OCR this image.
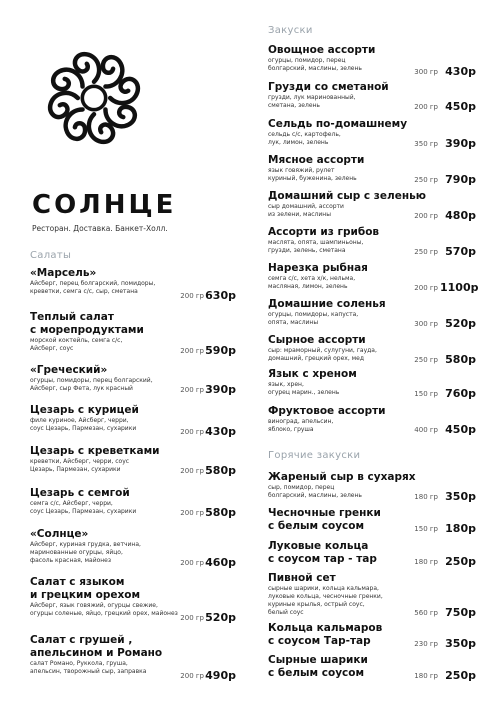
СОЛНЦЕ
Ресторан. Доставка. Банкет-Холл.
Салаты
«Марсель»
Айсберг, перец болгарский, помидоры,
креветки, семга с/с, сыр, сметана
200 гр 630р
Теплый салат
с морепродуктами
морской коктейль, семга с/с,
Айсберг, соус	200 гр 590р
«Греческий»
огурцы, помидоры, перец болгарский,
Айсберг, сыр Фета, лук красный	200 гр 390р
Цезарь с курицей
филе куриное, Айсберг, черри,
соус Цезарь, Пармезан, сухарики	200 гр 430р
Цезарь с креветками
креветки, Айсберг, черри, соус
Цезарь, Пармезан, сухарики	200 гр 580р
Цезарь с семгой
семга с/с, Айсберг, черри,
соус Цезарь, Пармезан, сухарики	200 гр 580р
«Солнце»
Айсберг, куриная грудка, ветчина,
маринованные огурцы, яйцо,
фасоль красная, майонез	200 гр 460р
Салат с языком
и грецким орехом
Айсберг, язык говяжий, огурцы свежие,
огурцы соленые, яйцо, грецкий орех, майонез
200 гр 520р
Салат с грушей ,
апельсином и Романо
салат Романо, Руккола, груша,
апельсин, творожный сыр, заправка
200 гр 490р
Закуски
Овощное ассорти
огурцы, помидор, перец
болгарский, маслины, зелень	300 гр 430р
Грузди со сметаной
грузди, лук маринованный,
сметана, зелень	200 гр 450р
Сельдь по-домашнему
сельдь с/с, картофель,
лук, лимон, зелень	350 гр 390р
Мясное ассорти
язык говяжий, рулет
куриный, буженина, зелень	250 гр 790р
Домашний сыр с зеленью
сыр домашний, ассорти
из зелени, маслины	200 гр 480р
Ассорти из грибов
маслята, опята, шампиньоны,
грузди, зелень, сметана	250 гр 570р
Нарезка рыбная
семга с/с, хета х/к, нельма,
масляная, лимон, зелень	200 гр 1100р
Домашние соленья
огурцы, помидоры, капуста,
опята, маслины	300 гр 520р
Сырное ассорти
сыр: мраморный, сулугуни, гауда,
домашний, грецкий орех, мед	250 гр 580р
Язык с хреном
язык, хрен,
огурец марин., зелень	150 гр 760р
Фруктовое ассорти
виноград, апельсин,
яблоко, груша	400 гр 450р
Горячие закуски
Жареный сыр в сухарях
сыр, помидор, перец
болгарский, маслины, зелень	180 гр 350р
Чесночные гренки
с белым соусом	150 гр 180р
Луковые кольца
с соусом тар - тар	180 гр 250р
Пивной сет
сырные шарики, кольца кальмара,
луковые кольца, чесночные гренки,
куриные крылья, острый соус,
белый соус	560 гр 750р
Кольца кальмаров
с соусом Тар-тар	230 гр 350р
Сырные шарики
с белым соусом	180 гр 250р
